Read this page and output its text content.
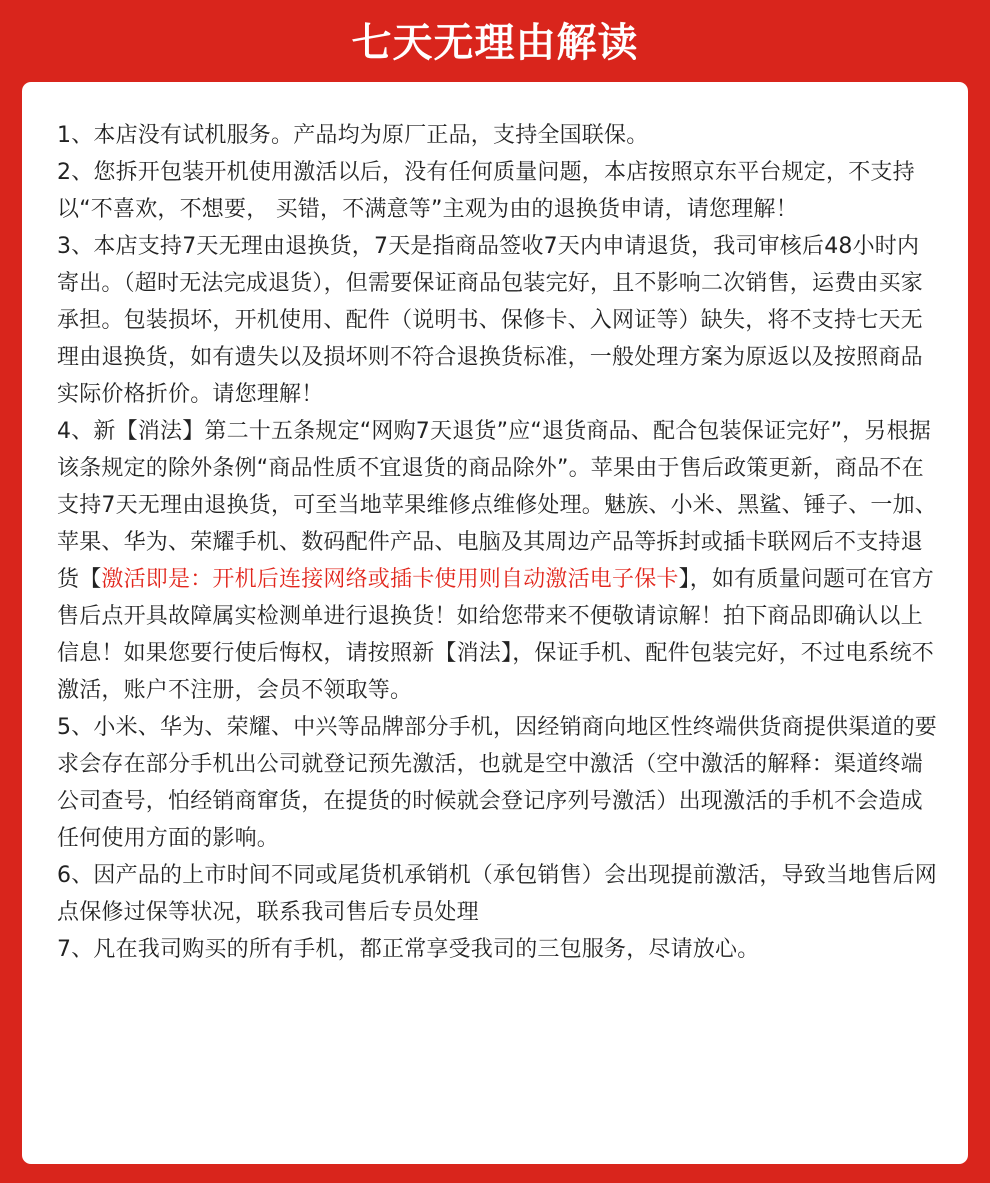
七天无理由解读

1、本店没有试机服务。产品均为原厂正品，支持全国联保。

2、您拆开包装开机使用激活以后，没有任何质量问题，本店按照京东平台规定，不支持以“不喜欢，不想要， 买错，不满意等”主观为由的退换货申请，请您理解！

3、本店支持7天无理由退换货，7天是指商品签收7天内申请退货，我司审核后48小时内寄出。（超时无法完成退货），但需要保证商品包装完好，且不影响二次销售，运费由买家承担。包装损坏，开机使用、配件（说明书、保修卡、入网证等）缺失，将不支持七天无理由退换货，如有遗失以及损坏则不符合退换货标准，一般处理方案为原返以及按照商品实际价格折价。请您理解！

4、新【消法】第二十五条规定“网购7天退货”应“退货商品、配合包装保证完好”，另根据该条规定的除外条例“商品性质不宜退货的商品除外”。苹果由于售后政策更新，商品不在支持7天无理由退换货，可至当地苹果维修点维修处理。魅族、小米、黑鲨、锤子、一加、苹果、华为、荣耀手机、数码配件产品、电脑及其周边产品等拆封或插卡联网后不支持退货【激活即是：开机后连接网络或插卡使用则自动激活电子保卡】，如有质量问题可在官方售后点开具故障属实检测单进行退换货！如给您带来不便敬请谅解！拍下商品即确认以上信息！如果您要行使后悔权，请按照新【消法】，保证手机、配件包装完好，不过电系统不激活，账户不注册，会员不领取等。

5、小米、华为、荣耀、中兴等品牌部分手机，因经销商向地区性终端供货商提供渠道的要求会存在部分手机出公司就登记预先激活，也就是空中激活（空中激活的解释：渠道终端公司查号，怕经销商窜货，在提货的时候就会登记序列号激活）出现激活的手机不会造成任何使用方面的影响。

6、因产品的上市时间不同或尾货机承销机（承包销售）会出现提前激活，导致当地售后网点保修过保等状况，联系我司售后专员处理

7、凡在我司购买的所有手机，都正常享受我司的三包服务，尽请放心。
